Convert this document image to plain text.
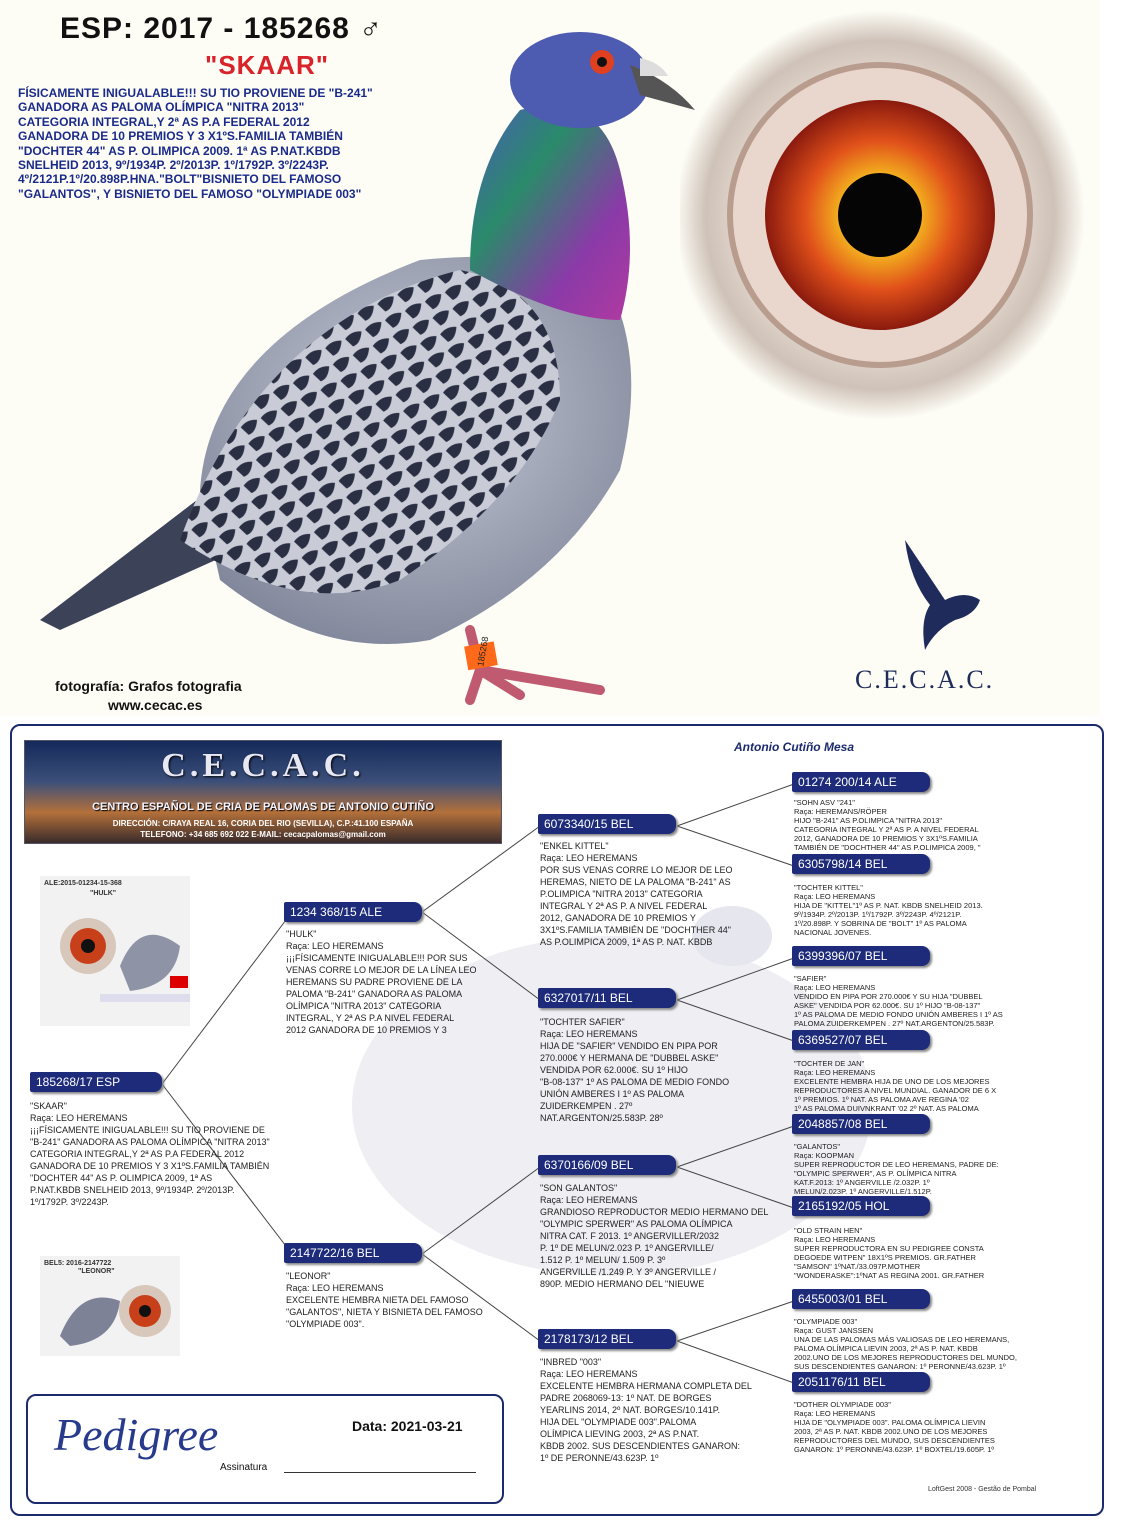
185268
ESP: 2017 - 185268 ♂
"SKAAR"
FÍSICAMENTE INIGUALABLE!!! SU TIO PROVIENE DE "B-241"
GANADORA AS PALOMA OLÍMPICA "NITRA 2013"
CATEGORIA INTEGRAL,Y 2ª AS P.A FEDERAL 2012
GANADORA DE 10 PREMIOS Y 3 X1ºS.FAMILIA TAMBIÉN
"DOCHTER 44" AS P. OLIMPICA 2009. 1ª AS P.NAT.KBDB
SNELHEID 2013, 9º/1934P. 2º/2013P. 1º/1792P. 3º/2243P.
4º/2121P.1º/20.898P.HNA."BOLT"BISNIETO DEL FAMOSO
"GALANTOS", Y BISNIETO DEL FAMOSO "OLYMPIADE 003"
fotografía: Grafos fotografia
www.cecac.es
C.E.C.A.C.
Antonio Cutiño Mesa
C.E.C.A.C.
CENTRO ESPAÑOL DE CRIA DE PALOMAS DE ANTONIO CUTIÑO
DIRECCIÓN: C/RAYA REAL 16, CORIA DEL RIO (SEVILLA), C.P.:41.100 ESPAÑA
TELEFONO: +34 685 692 022 E-MAIL: cecacpalomas@gmail.com
ALE:2015-01234-15-368
"HULK"
BEL5: 2016-2147722
"LEONOR"
185268/17 ESP
"SKAAR"
Raça: LEO HEREMANS
¡¡¡FÍSICAMENTE INIGUALABLE!!! SU TIO PROVIENE DE
"B-241" GANADORA AS PALOMA OLÍMPICA "NITRA 2013"
CATEGORIA INTEGRAL,Y 2ª AS P.A FEDERAL 2012
GANADORA DE 10 PREMIOS Y 3 X1ºS.FAMILIA TAMBIÉN
"DOCHTER 44" AS P. OLIMPICA 2009, 1ª AS
P.NAT.KBDB SNELHEID 2013, 9º/1934P. 2º/2013P.
1º/1792P. 3º/2243P.
1234 368/15 ALE
"HULK"
Raça: LEO HEREMANS
¡¡¡FÍSICAMENTE INIGUALABLE!!! POR SUS
VENAS CORRE LO MEJOR DE LA LÍNEA LEO
HEREMANS SU PADRE PROVIENE DE LA
PALOMA "B-241" GANADORA AS PALOMA
OLÍMPICA "NITRA 2013" CATEGORIA
INTEGRAL, Y 2ª AS P.A NIVEL FEDERAL
2012 GANADORA DE 10 PREMIOS Y 3
2147722/16 BEL
"LEONOR"
Raça: LEO HEREMANS
EXCELENTE HEMBRA NIETA DEL FAMOSO
"GALANTOS", NIETA Y BISNIETA DEL FAMOSO
"OLYMPIADE 003".
6073340/15 BEL
"ENKEL KITTEL"
Raça: LEO HEREMANS
POR SUS VENAS CORRE LO MEJOR DE LEO
HEREMAS, NIETO DE LA PALOMA "B-241" AS
P.OLIMPICA "NITRA 2013" CATEGORIA
INTEGRAL Y 2ª AS P. A NIVEL FEDERAL
2012, GANADORA DE 10 PREMIOS Y
3X1ºS.FAMILIA TAMBIÉN DE "DOCHTHER 44"
AS P.OLIMPICA 2009, 1ª AS P. NAT. KBDB
6327017/11 BEL
"TOCHTER SAFIER"
Raça: LEO HEREMANS
HIJA DE "SAFIER" VENDIDO EN PIPA POR
270.000€ Y HERMANA DE "DUBBEL ASKE"
VENDIDA POR 62.000€. SU 1º HIJO
"B-08-137" 1º AS PALOMA DE MEDIO FONDO
UNIÓN AMBERES I 1º AS PALOMA
ZUIDERKEMPEN . 27º
NAT.ARGENTON/25.583P. 28º
6370166/09 BEL
"SON GALANTOS"
Raça: LEO HEREMANS
GRANDIOSO REPRODUCTOR MEDIO HERMANO DEL
"OLYMPIC SPERWER" AS PALOMA OLÍMPICA
NITRA CAT. F 2013. 1º ANGERVILLER/2032
P. 1º DE MELUN/2.023 P. 1º ANGERVILLE/
1.512 P. 1º MELUN/ 1.509 P. 3º
ANGERVILLE /1.249 P. Y 3º ANGERVILLE /
890P. MEDIO HERMANO DEL "NIEUWE
2178173/12 BEL
"INBRED "003"
Raça: LEO HEREMANS
EXCELENTE HEMBRA HERMANA COMPLETA DEL
PADRE 2068069-13: 1º NAT. DE BORGES
YEARLINS 2014, 2º NAT. BORGES/10.141P.
HIJA DEL "OLYMPIADE 003".PALOMA
OLÍMPICA LIEVING 2003, 2ª AS P.NAT.
KBDB 2002. SUS DESCENDIENTES GANARON:
1º DE PERONNE/43.623P. 1º
01274 200/14 ALE
"SOHN ASV "241"
Raça: HEREMANS/RÖPER
HIJO "B-241" AS P.OLIMPICA "NITRA 2013"
CATEGORIA INTEGRAL Y 2ª AS P. A NIVEL FEDERAL
2012, GANADORA DE 10 PREMIOS Y 3X1ºS.FAMILIA
TAMBIÉN DE "DOCHTHER 44" AS P.OLIMPICA 2009, "
6305798/14 BEL
"TOCHTER KITTEL"
Raça: LEO HEREMANS
HIJA DE "KITTEL"1º AS P. NAT. KBDB SNELHEID 2013.
9º/1934P. 2º/2013P. 1º/1792P. 3º/2243P. 4º/2121P.
1º/20.898P. Y SOBRINA DE "BOLT" 1º AS PALOMA
NACIONAL JOVENES.
6399396/07 BEL
"SAFIER"
Raça: LEO HEREMANS
VENDIDO EN PIPA POR 270.000€ Y SU HIJA "DUBBEL
ASKE" VENDIDA POR 62.000€. SU 1º HIJO "B-08-137"
1º AS PALOMA DE MEDIO FONDO UNIÓN AMBERES I 1º AS
PALOMA ZUIDERKEMPEN . 27º NAT.ARGENTON/25.583P.
6369527/07 BEL
"TOCHTER DE JAN"
Raça: LEO HEREMANS
EXCELENTE HEMBRA HIJA DE UNO DE LOS MEJORES
REPRODUCTORES A NIVEL MUNDIAL. GANADOR DE 6 X
1º PREMIOS. 1º NAT. AS PALOMA AVE REGINA '02
1º AS PALOMA DUIVNKRANT '02 2º NAT. AS PALOMA
2048857/08 BEL
"GALANTOS"
Raça: KOOPMAN
SUPER REPRODUCTOR DE LEO HEREMANS, PADRE DE:
"OLYMPIC SPERWER", AS P. OLÍMPICA NITRA
KAT.F.2013: 1º ANGERVILLE /2.032P. 1º
MELUN/2.023P. 1º ANGERVILLE/1.512P.
2165192/05 HOL
"OLD STRAIN HEN"
Raça: LEO HEREMANS
SUPER REPRODUCTORA EN SU PEDIGREE CONSTA
DEGOEDE WITPEN" 18X1ºS PREMIOS. GR.FATHER
"SAMSON" 1ºNAT./33.097P.MOTHER
"WONDERASKE":1ºNAT AS REGINA 2001. GR.FATHER
6455003/01 BEL
"OLYMPIADE 003"
Raça: GUST JANSSEN
UNA DE LAS PALOMAS MÁS VALIOSAS DE LEO HEREMANS,
PALOMA OLÍMPICA LIEVIN 2003, 2ª AS P. NAT. KBDB
2002.UNO DE LOS MEJORES REPRODUCTORES DEL MUNDO,
SUS DESCENDIENTES GANARON: 1º PERONNE/43.623P. 1º
2051176/11 BEL
"DOTHER OLYMPIADE 003"
Raça: LEO HEREMANS
HIJA DE "OLYMPIADE 003". PALOMA OLÍMPICA LIEVIN
2003, 2ª AS P. NAT. KBDB 2002.UNO DE LOS MEJORES
REPRODUCTORES DEL MUNDO, SUS DESCENDIENTES
GANARON: 1º PERONNE/43.623P. 1º BOXTEL/19.605P. 1º
Pedigree	Data: 2021-03-21
Assinatura
LoftGest 2008 - Gestão de Pombal
